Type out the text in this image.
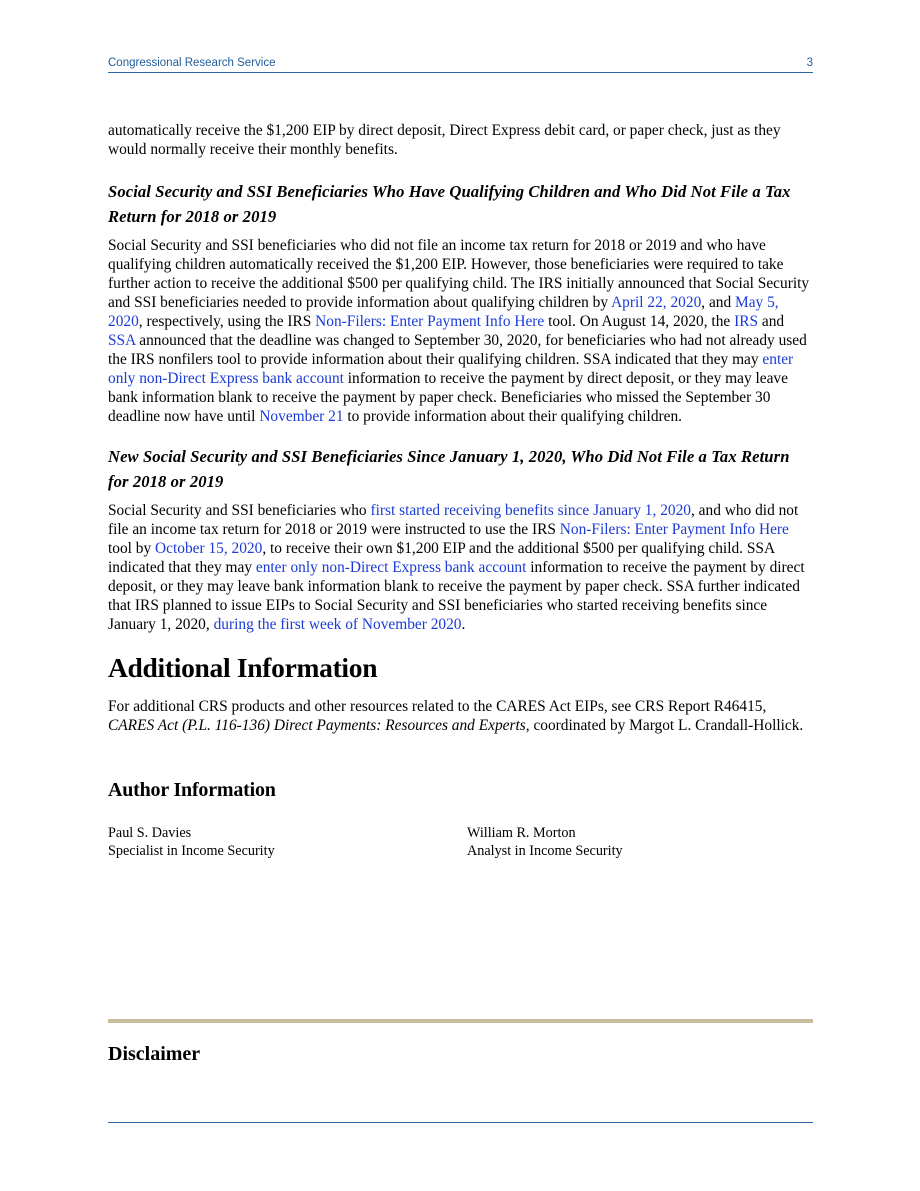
Congressional Research Service	3

automatically receive the $1,200 EIP by direct deposit, Direct Express debit card, or paper check, just as they would normally receive their monthly benefits.

Social Security and SSI Beneficiaries Who Have Qualifying Children and Who Did Not File a Tax Return for 2018 or 2019

Social Security and SSI beneficiaries who did not file an income tax return for 2018 or 2019 and who have qualifying children automatically received the $1,200 EIP. However, those beneficiaries were required to take further action to receive the additional $500 per qualifying child. The IRS initially announced that Social Security and SSI beneficiaries needed to provide information about qualifying children by April 22, 2020, and May 5, 2020, respectively, using the IRS Non-Filers: Enter Payment Info Here tool. On August 14, 2020, the IRS and SSA announced that the deadline was changed to September 30, 2020, for beneficiaries who had not already used the IRS nonfilers tool to provide information about their qualifying children. SSA indicated that they may enter only non-Direct Express bank account information to receive the payment by direct deposit, or they may leave bank information blank to receive the payment by paper check. Beneficiaries who missed the September 30 deadline now have until November 21 to provide information about their qualifying children.

New Social Security and SSI Beneficiaries Since January 1, 2020, Who Did Not File a Tax Return for 2018 or 2019

Social Security and SSI beneficiaries who first started receiving benefits since January 1, 2020, and who did not file an income tax return for 2018 or 2019 were instructed to use the IRS Non-Filers: Enter Payment Info Here tool by October 15, 2020, to receive their own $1,200 EIP and the additional $500 per qualifying child. SSA indicated that they may enter only non-Direct Express bank account information to receive the payment by direct deposit, or they may leave bank information blank to receive the payment by paper check. SSA further indicated that IRS planned to issue EIPs to Social Security and SSI beneficiaries who started receiving benefits since January 1, 2020, during the first week of November 2020.

Additional Information

For additional CRS products and other resources related to the CARES Act EIPs, see CRS Report R46415, CARES Act (P.L. 116-136) Direct Payments: Resources and Experts, coordinated by Margot L. Crandall-Hollick.

Author Information
Paul S. Davies
Specialist in Income Security
William R. Morton
Analyst in Income Security
Disclaimer
